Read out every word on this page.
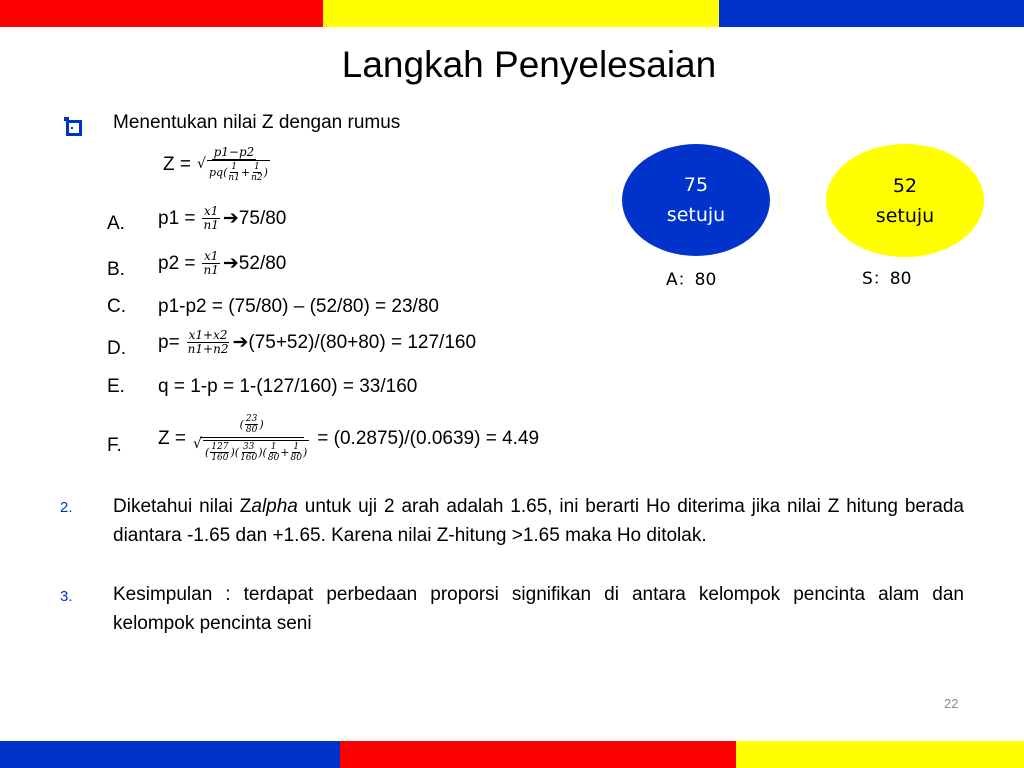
Langkah Penyelesaian
Menentukan nilai Z dengan rumus
Z = p1−p2
√ $pq( \frac{1}{n1} + \frac{1}{n2}$ )
A. $p1 = \frac{x1}{n1}$ ➔75/80
B. $p2 = \frac{x1}{n1}$ ➔52/80
C. p1-p2 = (75/80) – (52/80) = 23/80
D. $p= \frac{x1+x2}{n1+n2}$ ➔(75+52)/(80+80) = 127/160
E. q = 1-p = 1-(127/160) = 33/160
F. Z = ( $\frac{23}{80}$ )
√ ( $\frac{127}{160}$ )( $\frac{33}{160}$ )( $\frac{1}{80} + \frac{1}{80}$ ) = (0.2875)/(0.0639) = 4.49
75
setuju
A：80
52
setuju
S：80
2. Diketahui nilai Zalpha untuk uji 2 arah adalah 1.65, ini berarti Ho diterima jika nilai Z hitung berada diantara -1.65 dan +1.65. Karena nilai Z-hitung >1.65 maka Ho ditolak.
3. Kesimpulan : terdapat perbedaan proporsi signifikan di antara kelompok pencinta alam dan kelompok pencinta seni
22
